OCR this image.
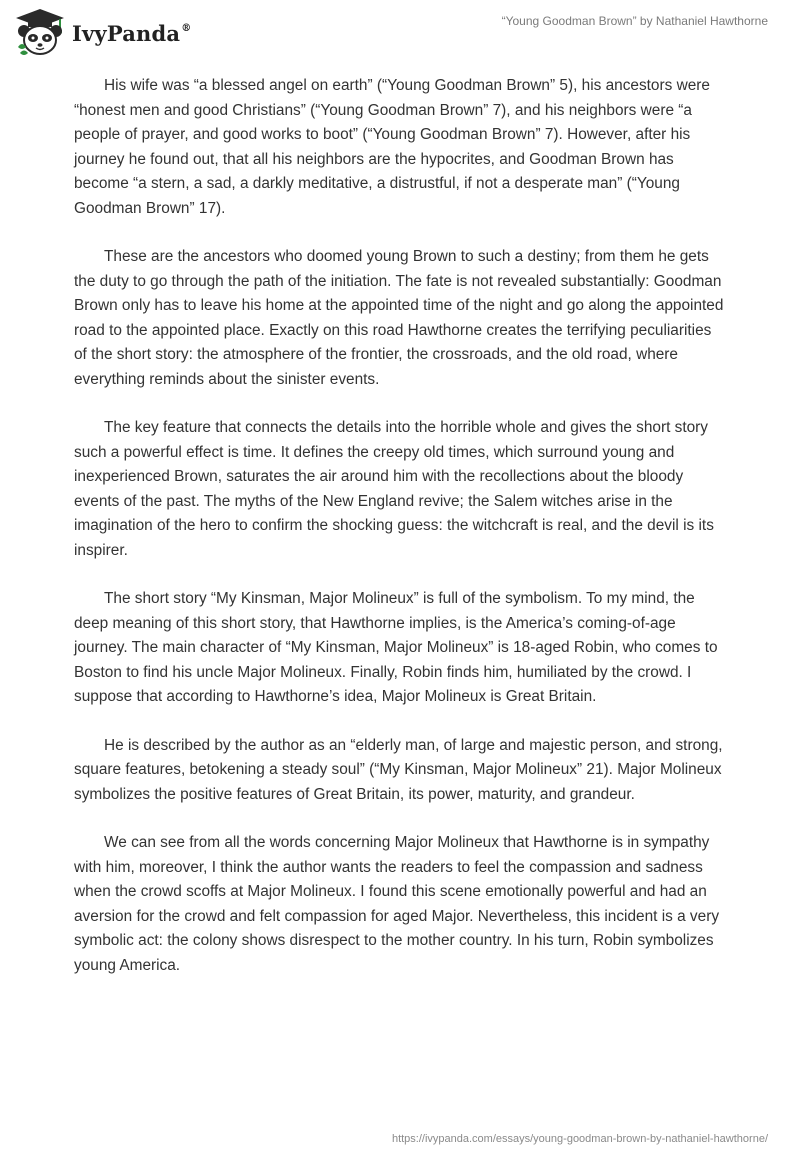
IvyPanda®	“Young Goodman Brown” by Nathaniel Hawthorne

His wife was “a blessed angel on earth” (“Young Goodman Brown” 5), his ancestors were “honest men and good Christians” (“Young Goodman Brown” 7), and his neighbors were “a people of prayer, and good works to boot” (“Young Goodman Brown” 7). However, after his journey he found out, that all his neighbors are the hypocrites, and Goodman Brown has become “a stern, a sad, a darkly meditative, a distrustful, if not a desperate man” (“Young Goodman Brown” 17).

These are the ancestors who doomed young Brown to such a destiny; from them he gets the duty to go through the path of the initiation. The fate is not revealed substantially: Goodman Brown only has to leave his home at the appointed time of the night and go along the appointed road to the appointed place. Exactly on this road Hawthorne creates the terrifying peculiarities of the short story: the atmosphere of the frontier, the crossroads, and the old road, where everything reminds about the sinister events.

The key feature that connects the details into the horrible whole and gives the short story such a powerful effect is time. It defines the creepy old times, which surround young and inexperienced Brown, saturates the air around him with the recollections about the bloody events of the past. The myths of the New England revive; the Salem witches arise in the imagination of the hero to confirm the shocking guess: the witchcraft is real, and the devil is its inspirer.

The short story “My Kinsman, Major Molineux” is full of the symbolism. To my mind, the deep meaning of this short story, that Hawthorne implies, is the America’s coming-of-age journey. The main character of “My Kinsman, Major Molineux” is 18-aged Robin, who comes to Boston to find his uncle Major Molineux. Finally, Robin finds him, humiliated by the crowd. I suppose that according to Hawthorne’s idea, Major Molineux is Great Britain.

He is described by the author as an “elderly man, of large and majestic person, and strong, square features, betokening a steady soul” (“My Kinsman, Major Molineux” 21). Major Molineux symbolizes the positive features of Great Britain, its power, maturity, and grandeur.

We can see from all the words concerning Major Molineux that Hawthorne is in sympathy with him, moreover, I think the author wants the readers to feel the compassion and sadness when the crowd scoffs at Major Molineux. I found this scene emotionally powerful and had an aversion for the crowd and felt compassion for aged Major. Nevertheless, this incident is a very symbolic act: the colony shows disrespect to the mother country. In his turn, Robin symbolizes young America.

https://ivypanda.com/essays/young-goodman-brown-by-nathaniel-hawthorne/
